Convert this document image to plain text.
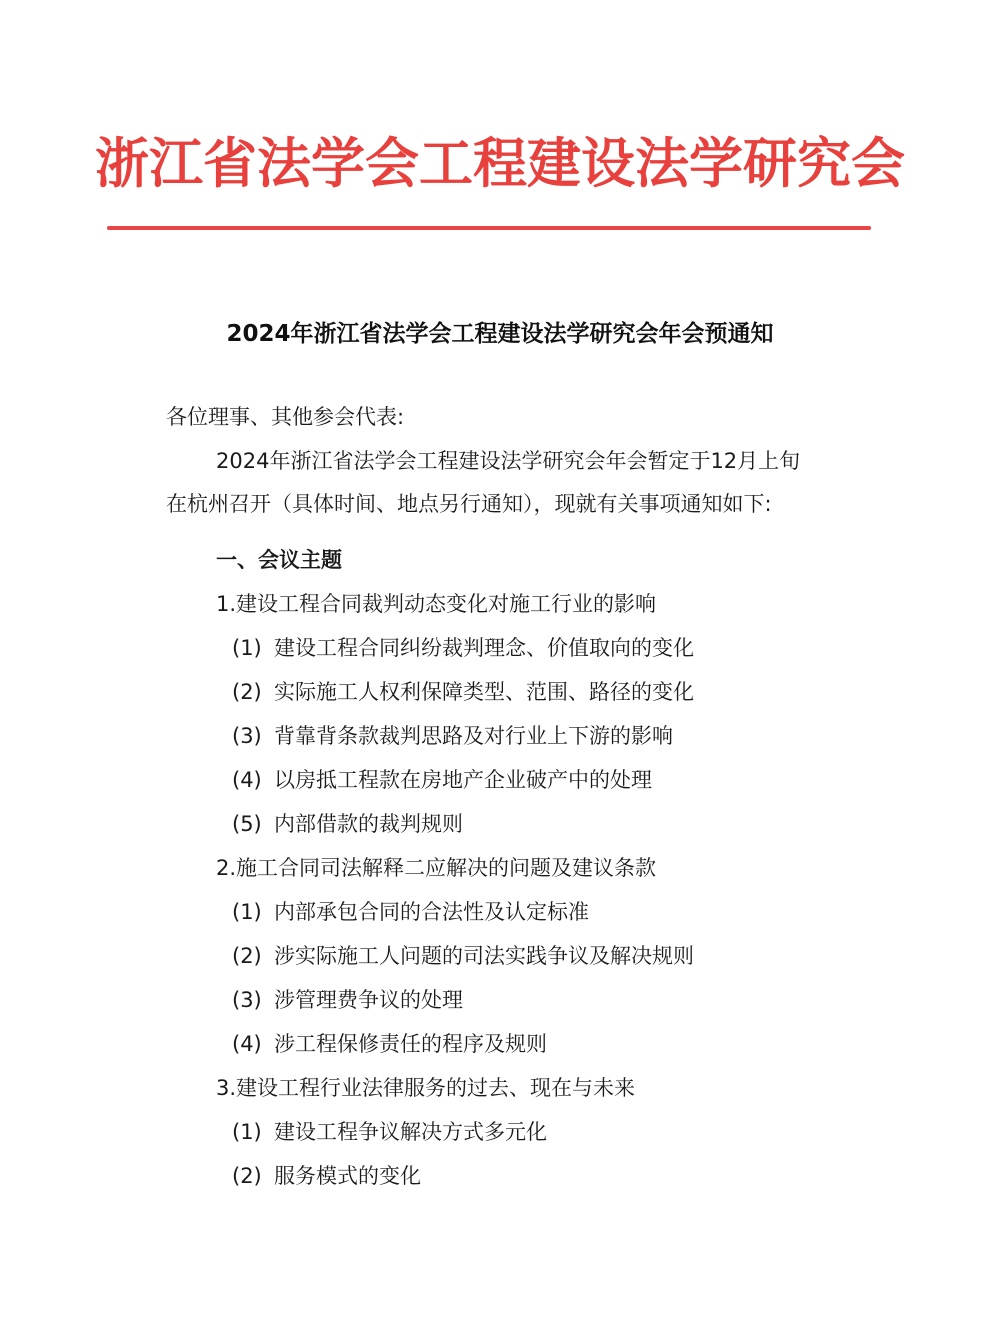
浙江省法学会工程建设法学研究会
2024年浙江省法学会工程建设法学研究会年会预通知
各位理事、其他参会代表:
2024年浙江省法学会工程建设法学研究会年会暂定于12月上旬
在杭州召开（具体时间、地点另行通知），现就有关事项通知如下:
一、会议主题
1.建设工程合同裁判动态变化对施工行业的影响
(1) 建设工程合同纠纷裁判理念、价值取向的变化
(2) 实际施工人权利保障类型、范围、路径的变化
(3) 背靠背条款裁判思路及对行业上下游的影响
(4) 以房抵工程款在房地产企业破产中的处理
(5) 内部借款的裁判规则
2.施工合同司法解释二应解决的问题及建议条款
(1) 内部承包合同的合法性及认定标准
(2) 涉实际施工人问题的司法实践争议及解决规则
(3) 涉管理费争议的处理
(4) 涉工程保修责任的程序及规则
3.建设工程行业法律服务的过去、现在与未来
(1) 建设工程争议解决方式多元化
(2) 服务模式的变化
